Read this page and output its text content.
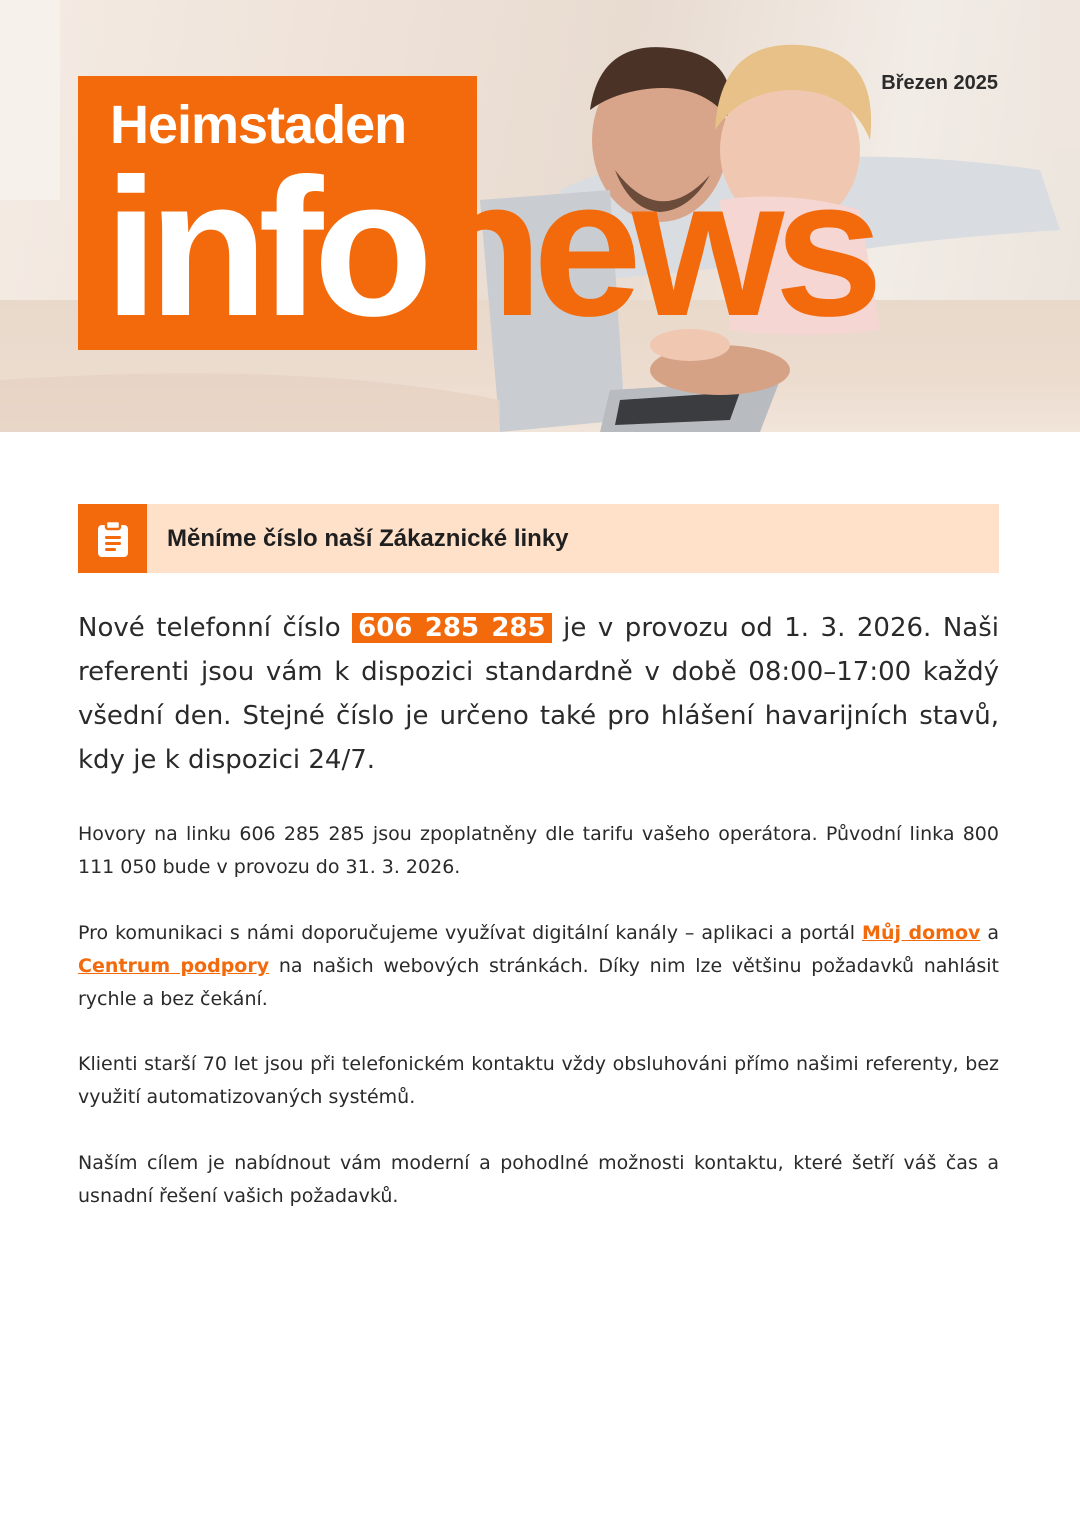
Heimstaden
infonews
Březen 2025
Měníme číslo naší Zákaznické linky

Nové telefonní číslo 606 285 285 je v provozu od 1. 3. 2026. Naši referenti jsou vám k dispozici standardně v době 08:00–17:00 každý všední den. Stejné číslo je určeno také pro hlášení havarijních stavů, kdy je k dispozici 24/7.

Hovory na linku 606 285 285 jsou zpoplatněny dle tarifu vašeho operátora. Původní linka 800 111 050 bude v provozu do 31. 3. 2026.

Pro komunikaci s námi doporučujeme využívat digitální kanály – aplikaci a portál Můj domov a Centrum podpory na našich webových stránkách. Díky nim lze většinu požadavků nahlásit rychle a bez čekání.

Klienti starší 70 let jsou při telefonickém kontaktu vždy obsluhováni přímo našimi referenty, bez využití automatizovaných systémů.

Naším cílem je nabídnout vám moderní a pohodlné možnosti kontaktu, které šetří váš čas a usnadní řešení vašich požadavků.
